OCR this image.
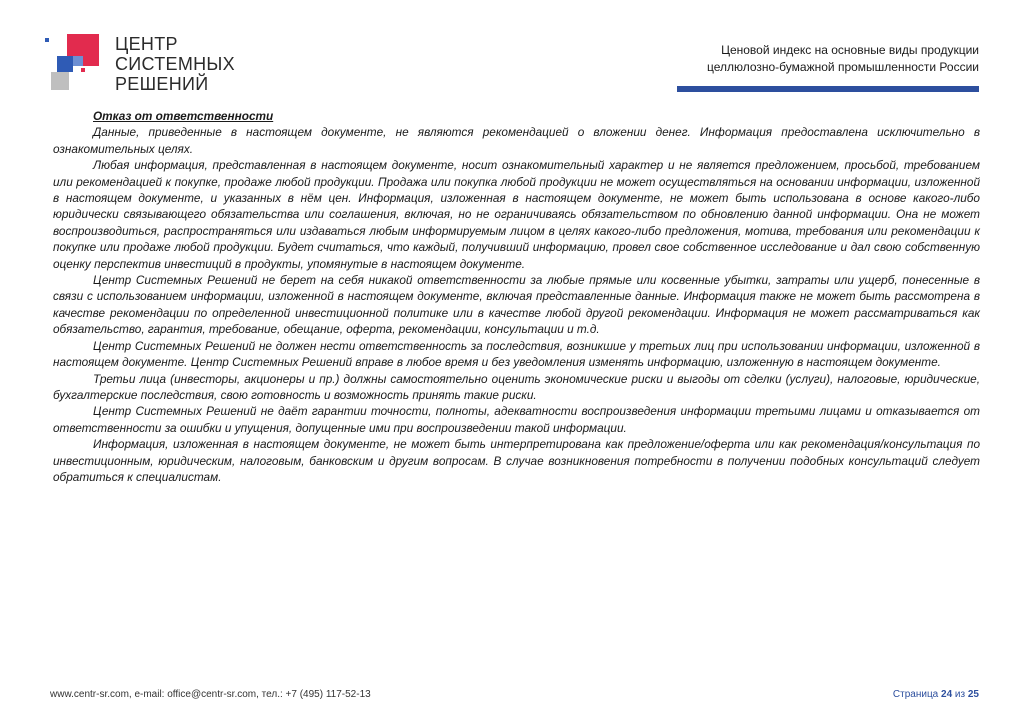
ЦЕНТР
СИСТЕМНЫХ
РЕШЕНИЙ
Ценовой индекс на основные виды продукции целлюлозно-бумажной промышленности России
Отказ от ответственности

Данные, приведенные в настоящем документе, не являются рекомендацией о вложении денег. Информация предоставлена исключительно в ознакомительных целях.

Любая информация, представленная в настоящем документе, носит ознакомительный характер и не является предложением, просьбой, требованием или рекомендацией к покупке, продаже любой продукции. Продажа или покупка любой продукции не может осуществляться на основании информации, изложенной в настоящем документе, и указанных в нём цен. Информация, изложенная в настоящем документе, не может быть использована в основе какого-либо юридически связывающего обязательства или соглашения, включая, но не ограничиваясь обязательством по обновлению данной информации. Она не может воспроизводиться, распространяться или издаваться любым информируемым лицом в целях какого-либо предложения, мотива, требования или рекомендации к покупке или продаже любой продукции. Будет считаться, что каждый, получивший информацию, провел свое собственное исследование и дал свою собственную оценку перспектив инвестиций в продукты, упомянутые в настоящем документе.

Центр Системных Решений не берет на себя никакой ответственности за любые прямые или косвенные убытки, затраты или ущерб, понесенные в связи с использованием информации, изложенной в настоящем документе, включая представленные данные. Информация также не может быть рассмотрена в качестве рекомендации по определенной инвестиционной политике или в качестве любой другой рекомендации. Информация не может рассматриваться как обязательство, гарантия, требование, обещание, оферта, рекомендации, консультации и т.д.

Центр Системных Решений не должен нести ответственность за последствия, возникшие у третьих лиц при использовании информации, изложенной в настоящем документе. Центр Системных Решений вправе в любое время и без уведомления изменять информацию, изложенную в настоящем документе.

Третьи лица (инвесторы, акционеры и пр.) должны самостоятельно оценить экономические риски и выгоды от сделки (услуги), налоговые, юридические, бухгалтерские последствия, свою готовность и возможность принять такие риски.

Центр Системных Решений не даёт гарантии точности, полноты, адекватности воспроизведения информации третьими лицами и отказывается от ответственности за ошибки и упущения, допущенные ими при воспроизведении такой информации.

Информация, изложенная в настоящем документе, не может быть интерпретирована как предложение/оферта или как рекомендация/консультация по инвестиционным, юридическим, налоговым, банковским и другим вопросам. В случае возникновения потребности в получении подобных консультаций следует обратиться к специалистам.

www.centr-sr.com, e-mail: office@centr-sr.com, тел.: +7 (495) 117-52-13	Страница 24 из 25
